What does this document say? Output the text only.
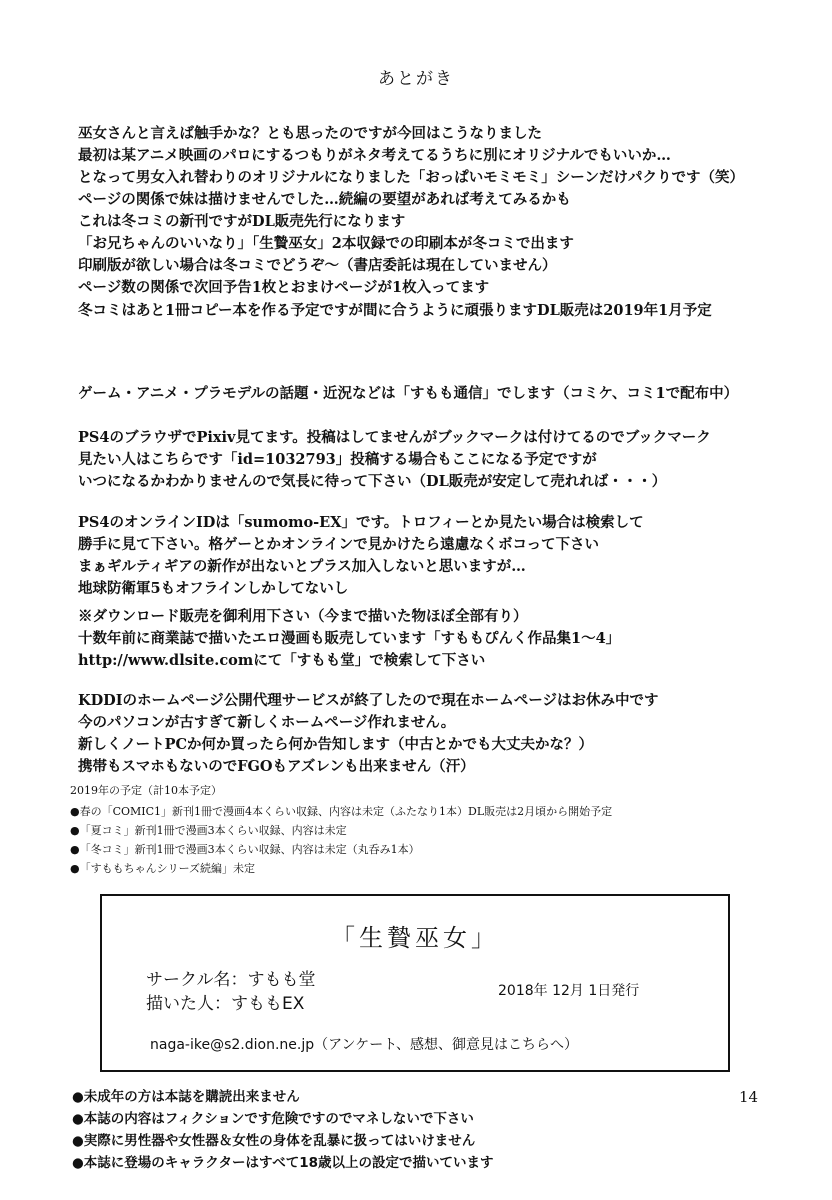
あとがき
巫女さんと言えば触手かな？とも思ったのですが今回はこうなりました
最初は某アニメ映画のパロにするつもりがネタ考えてるうちに別にオリジナルでもいいか…
となって男女入れ替わりのオリジナルになりました「おっぱいモミモミ」シーンだけパクりです（笑）
ページの関係で妹は描けませんでした…続編の要望があれば考えてみるかも
これは冬コミの新刊ですがDL販売先行になります
「お兄ちゃんのいいなり」「生贄巫女」2本収録での印刷本が冬コミで出ます
印刷版が欲しい場合は冬コミでどうぞ～（書店委託は現在していません）
ページ数の関係で次回予告1枚とおまけページが1枚入ってます
冬コミはあと1冊コピー本を作る予定ですが間に合うように頑張りますDL販売は2019年1月予定
ゲーム・アニメ・プラモデルの話題・近況などは「すもも通信」でします（コミケ、コミ1で配布中）
PS4のブラウザでPixiv見てます。投稿はしてませんがブックマークは付けてるのでブックマーク
見たい人はこちらです「id=1032793」投稿する場合もここになる予定ですが
いつになるかわかりませんので気長に待って下さい（DL販売が安定して売れれば・・・）
PS4のオンラインIDは「sumomo-EX」です。トロフィーとか見たい場合は検索して
勝手に見て下さい。格ゲーとかオンラインで見かけたら遠慮なくボコって下さい
まぁギルティギアの新作が出ないとプラス加入しないと思いますが…
地球防衛軍5もオフラインしかしてないし
※ダウンロード販売を御利用下さい（今まで描いた物ほぼ全部有り）
十数年前に商業誌で描いたエロ漫画も販売しています「すももぴんく作品集1～4」
http://www.dlsite.comにて「すもも堂」で検索して下さい
KDDIのホームページ公開代理サービスが終了したので現在ホームページはお休み中です
今のパソコンが古すぎて新しくホームページ作れません。
新しくノートPCか何か買ったら何か告知します（中古とかでも大丈夫かな？）
携帯もスマホもないのでFGOもアズレンも出来ません（汗）
2019年の予定（計10本予定）
●春の「COMIC1」新刊1冊で漫画4本くらい収録、内容は未定（ふたなり1本）DL販売は2月頃から開始予定
●「夏コミ」新刊1冊で漫画3本くらい収録、内容は未定
●「冬コミ」新刊1冊で漫画3本くらい収録、内容は未定（丸呑み1本）
●「すももちゃんシリーズ続編」未定
「生贄巫女」
サークル名：すもも堂
描いた人：すももEX
2018年 12月 1日発行
naga-ike@s2.dion.ne.jp（アンケート、感想、御意見はこちらへ）
14
●未成年の方は本誌を購読出来ません
●本誌の内容はフィクションです危険ですのでマネしないで下さい
●実際に男性器や女性器＆女性の身体を乱暴に扱ってはいけません
●本誌に登場のキャラクターはすべて18歳以上の設定で描いています
